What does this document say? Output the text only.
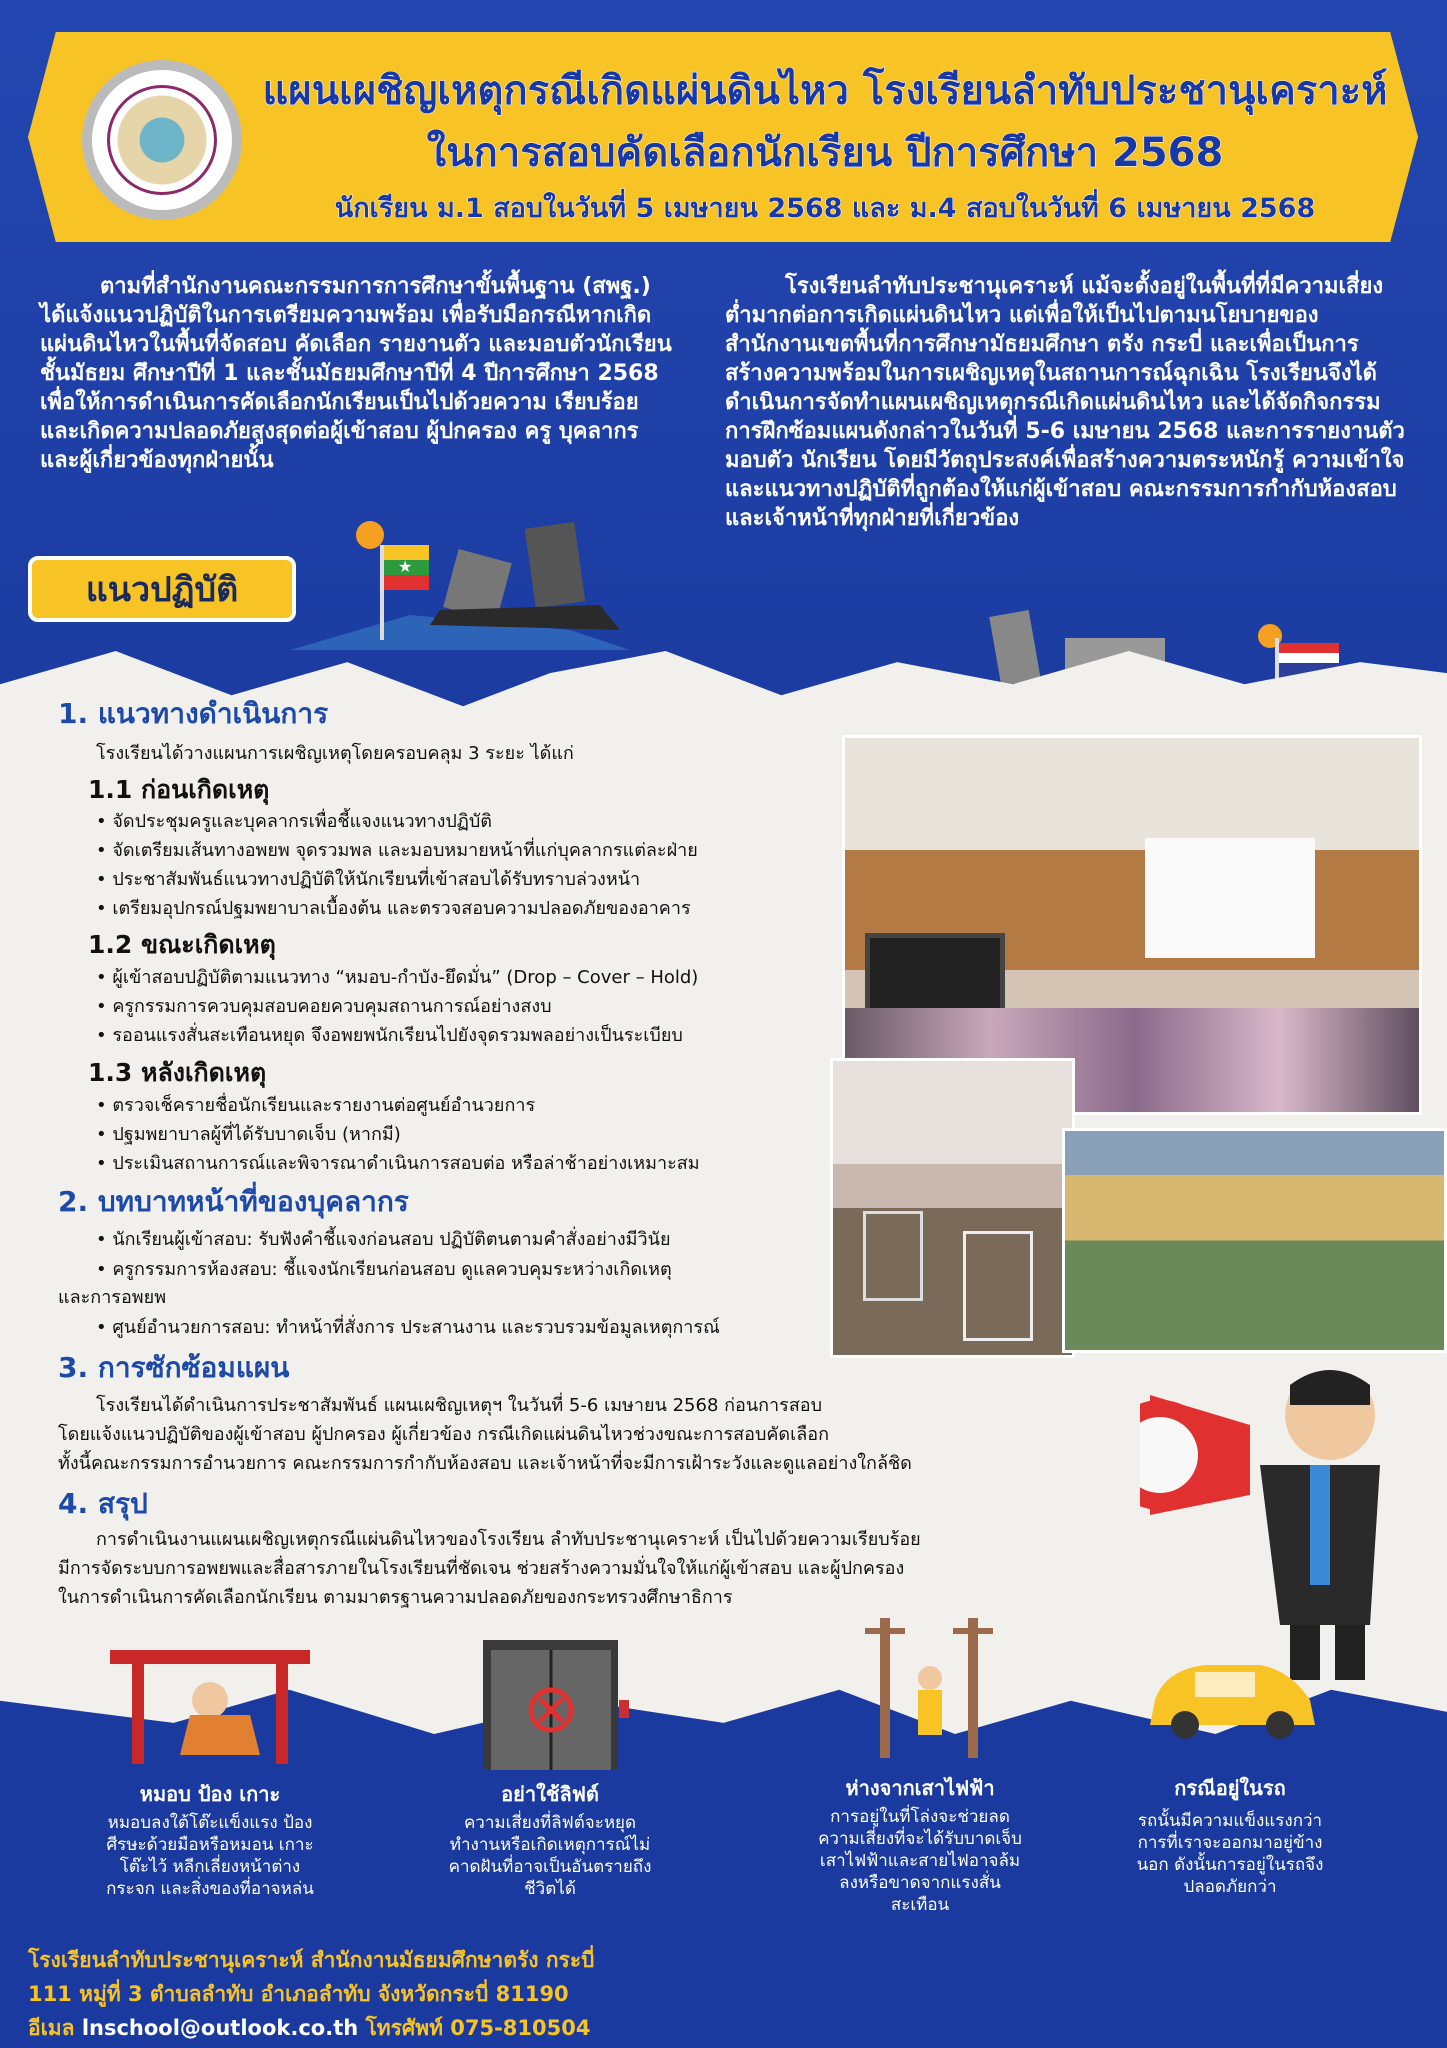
แผนเผชิญเหตุกรณีเกิดแผ่นดินไหว โรงเรียนลำทับประชานุเคราะห์
ในการสอบคัดเลือกนักเรียน ปีการศึกษา 2568
นักเรียน ม.1 สอบในวันที่ 5 เมษายน 2568 และ ม.4 สอบในวันที่ 6 เมษายน 2568

ตามที่สำนักงานคณะกรรมการการศึกษาขั้นพื้นฐาน (สพฐ.) ได้แจ้งแนวปฏิบัติในการเตรียมความพร้อม เพื่อรับมือกรณีหากเกิดแผ่นดินไหวในพื้นที่จัดสอบ คัดเลือก รายงานตัว และมอบตัวนักเรียน ชั้นมัธยม ศึกษาปีที่ 1 และชั้นมัธยมศึกษาปีที่ 4 ปีการศึกษา 2568 เพื่อให้การดำเนินการคัดเลือกนักเรียนเป็นไปด้วยความ เรียบร้อย และเกิดความปลอดภัยสูงสุดต่อผู้เข้าสอบ ผู้ปกครอง ครู บุคลากร และผู้เกี่ยวข้องทุกฝ่ายนั้น

โรงเรียนลำทับประชานุเคราะห์ แม้จะตั้งอยู่ในพื้นที่ที่มีความเสี่ยงต่ำมากต่อการเกิดแผ่นดินไหว แต่เพื่อให้เป็นไปตามนโยบายของสำนักงานเขตพื้นที่การศึกษามัธยมศึกษา ตรัง กระบี่ และเพื่อเป็นการสร้างความพร้อมในการเผชิญเหตุในสถานการณ์ฉุกเฉิน โรงเรียนจึงได้ดำเนินการจัดทำแผนเผชิญเหตุกรณีเกิดแผ่นดินไหว และได้จัดกิจกรรมการฝึกซ้อมแผนดังกล่าวในวันที่ 5-6 เมษายน 2568 และการรายงานตัว มอบตัว นักเรียน โดยมีวัตถุประสงค์เพื่อสร้างความตระหนักรู้ ความเข้าใจ และแนวทางปฏิบัติที่ถูกต้องให้แก่ผู้เข้าสอบ คณะกรรมการกำกับห้องสอบ และเจ้าหน้าที่ทุกฝ่ายที่เกี่ยวข้อง

★
แนวปฏิบัติ
1. แนวทางดำเนินการ
โรงเรียนได้วางแผนการเผชิญเหตุโดยครอบคลุม 3 ระยะ ได้แก่
1.1 ก่อนเกิดเหตุ
• จัดประชุมครูและบุคลากรเพื่อชี้แจงแนวทางปฏิบัติ
• จัดเตรียมเส้นทางอพยพ จุดรวมพล และมอบหมายหน้าที่แก่บุคลากรแต่ละฝ่าย
• ประชาสัมพันธ์แนวทางปฏิบัติให้นักเรียนที่เข้าสอบได้รับทราบล่วงหน้า
• เตรียมอุปกรณ์ปฐมพยาบาลเบื้องต้น และตรวจสอบความปลอดภัยของอาคาร
1.2 ขณะเกิดเหตุ
• ผู้เข้าสอบปฏิบัติตามแนวทาง “หมอบ-กำบัง-ยึดมั่น” (Drop – Cover – Hold)
• ครูกรรมการควบคุมสอบคอยควบคุมสถานการณ์อย่างสงบ
• รออนแรงสั่นสะเทือนหยุด จึงอพยพนักเรียนไปยังจุดรวมพลอย่างเป็นระเบียบ
1.3 หลังเกิดเหตุ
• ตรวจเช็ครายชื่อนักเรียนและรายงานต่อศูนย์อำนวยการ
• ปฐมพยาบาลผู้ที่ได้รับบาดเจ็บ (หากมี)
• ประเมินสถานการณ์และพิจารณาดำเนินการสอบต่อ หรือล่าช้าอย่างเหมาะสม
2. บทบาทหน้าที่ของบุคลากร
• นักเรียนผู้เข้าสอบ: รับฟังคำชี้แจงก่อนสอบ ปฏิบัติตนตามคำสั่งอย่างมีวินัย
• ครูกรรมการห้องสอบ: ชี้แจงนักเรียนก่อนสอบ ดูแลควบคุมระหว่างเกิดเหตุ
และการอพยพ
• ศูนย์อำนวยการสอบ: ทำหน้าที่สั่งการ ประสานงาน และรวบรวมข้อมูลเหตุการณ์
3. การซักซ้อมแผน
โรงเรียนได้ดำเนินการประชาสัมพันธ์ แผนเผชิญเหตุฯ ในวันที่ 5-6 เมษายน 2568 ก่อนการสอบ
โดยแจ้งแนวปฏิบัติของผู้เข้าสอบ ผู้ปกครอง ผู้เกี่ยวข้อง กรณีเกิดแผ่นดินไหวช่วงขณะการสอบคัดเลือก
ทั้งนี้คณะกรรมการอำนวยการ คณะกรรมการกำกับห้องสอบ และเจ้าหน้าที่จะมีการเฝ้าระวังและดูแลอย่างใกล้ชิด
4. สรุป
การดำเนินงานแผนเผชิญเหตุกรณีแผ่นดินไหวของโรงเรียน ลำทับประชานุเคราะห์ เป็นไปด้วยความเรียบร้อย
มีการจัดระบบการอพยพและสื่อสารภายในโรงเรียนที่ชัดเจน ช่วยสร้างความมั่นใจให้แก่ผู้เข้าสอบ และผู้ปกครอง
ในการดำเนินการคัดเลือกนักเรียน ตามมาตรฐานความปลอดภัยของกระทรวงศึกษาธิการ
หมอบ ป้อง เกาะ
หมอบลงใต้โต๊ะแข็งแรง ป้อง
ศีรษะด้วยมือหรือหมอน เกาะ
โต๊ะไว้ หลีกเลี่ยงหน้าต่าง
กระจก และสิ่งของที่อาจหล่น
อย่าใช้ลิฟต์
ความเสี่ยงที่ลิฟต์จะหยุด
ทำงานหรือเกิดเหตุการณ์ไม่
คาดฝันที่อาจเป็นอันตรายถึง
ชีวิตได้
ห่างจากเสาไฟฟ้า
การอยู่ในที่โล่งจะช่วยลด
ความเสี่ยงที่จะได้รับบาดเจ็บ
เสาไฟฟ้าและสายไฟอาจล้ม
ลงหรือขาดจากแรงสั่น
สะเทือน
กรณีอยู่ในรถ
รถนั้นมีความแข็งแรงกว่า
การที่เราจะออกมาอยู่ข้าง
นอก ดังนั้นการอยู่ในรถจึง
ปลอดภัยกว่า
โรงเรียนลำทับประชานุเคราะห์ สำนักงานมัธยมศึกษาตรัง กระบี่
111 หมู่ที่ 3 ตำบลลำทับ อำเภอลำทับ จังหวัดกระบี่ 81190
อีเมล lnschool@outlook.co.th โทรศัพท์ 075-810504
